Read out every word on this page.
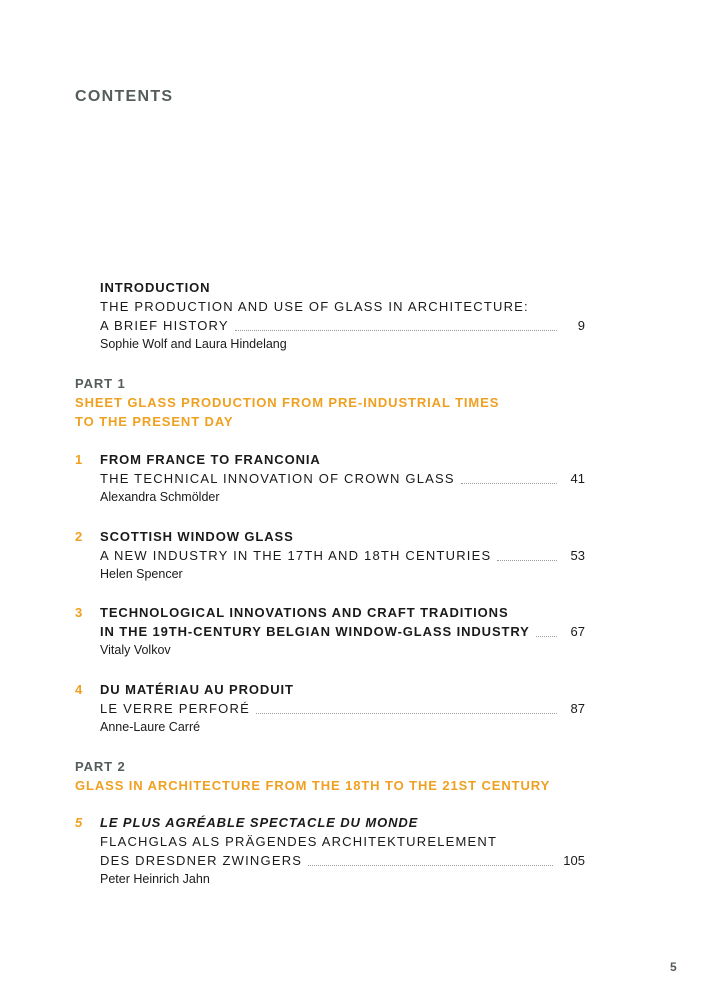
CONTENTS
INTRODUCTION
THE PRODUCTION AND USE OF GLASS IN ARCHITECTURE:
A BRIEF HISTORY	9
Sophie Wolf and Laura Hindelang
PART 1
SHEET GLASS PRODUCTION FROM PRE-INDUSTRIAL TIMES
TO THE PRESENT DAY
1	FROM FRANCE TO FRANCONIA
THE TECHNICAL INNOVATION OF CROWN GLASS	41
Alexandra Schmölder
2	SCOTTISH WINDOW GLASS
A NEW INDUSTRY IN THE 17TH AND 18TH CENTURIES	53
Helen Spencer
3	TECHNOLOGICAL INNOVATIONS AND CRAFT TRADITIONS
IN THE 19TH-CENTURY BELGIAN WINDOW-GLASS INDUSTRY	67
Vitaly Volkov
4	DU MATÉRIAU AU PRODUIT
LE VERRE PERFORÉ	87
Anne-Laure Carré
PART 2
GLASS IN ARCHITECTURE FROM THE 18TH TO THE 21ST CENTURY
5	LE PLUS AGRÉABLE SPECTACLE DU MONDE
FLACHGLAS ALS PRÄGENDES ARCHITEKTURELEMENT
DES DRESDNER ZWINGERS	105
Peter Heinrich Jahn
5
